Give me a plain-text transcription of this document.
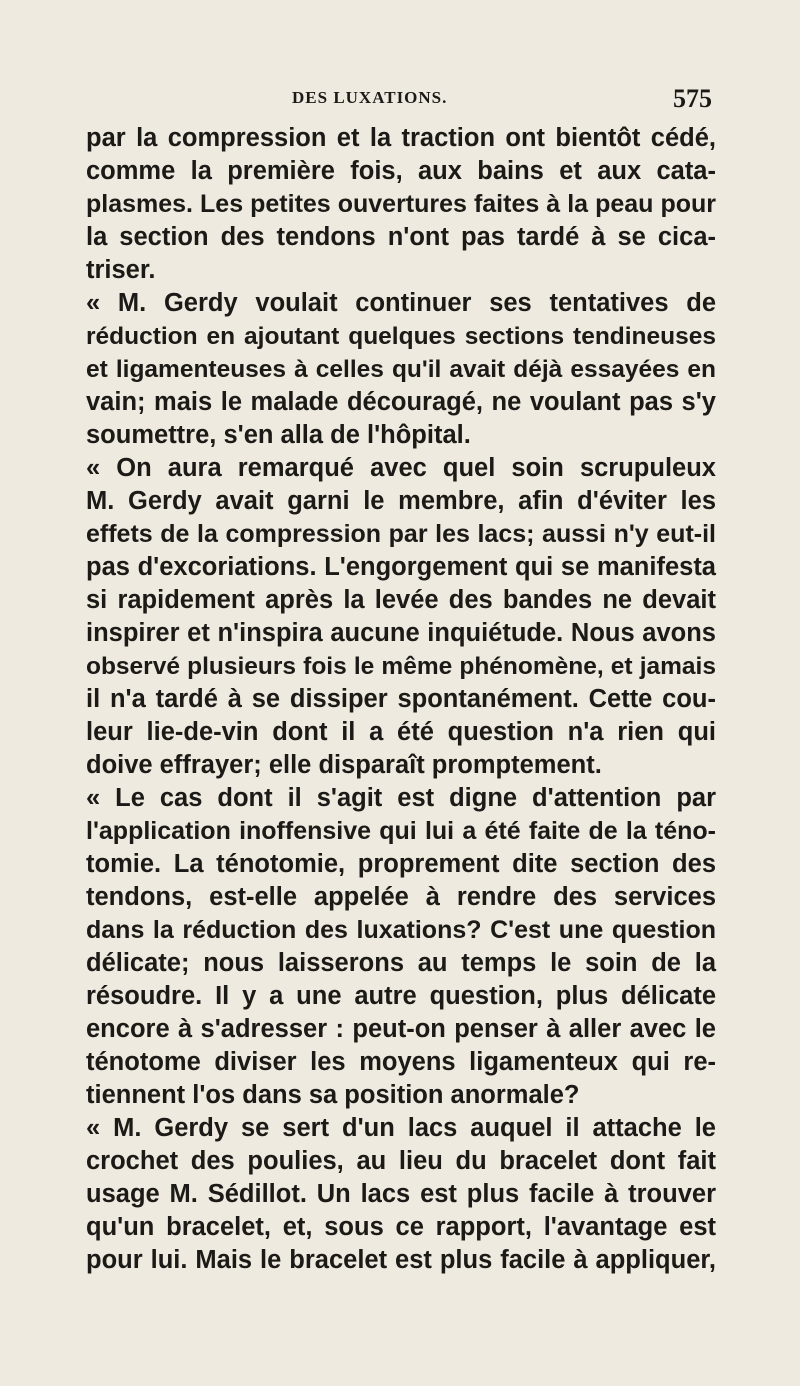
DES LUXATIONS.	575
par la compression et la traction ont bientôt cédé,
comme la première fois, aux bains et aux cata-
plasmes. Les petites ouvertures faites à la peau pour
la section des tendons n'ont pas tardé à se cica-
triser.
« M. Gerdy voulait continuer ses tentatives de
réduction en ajoutant quelques sections tendineuses
et ligamenteuses à celles qu'il avait déjà essayées en
vain; mais le malade découragé, ne voulant pas s'y
soumettre, s'en alla de l'hôpital.
« On aura remarqué avec quel soin scrupuleux
M. Gerdy avait garni le membre, afin d'éviter les
effets de la compression par les lacs; aussi n'y eut-il
pas d'excoriations. L'engorgement qui se manifesta
si rapidement après la levée des bandes ne devait
inspirer et n'inspira aucune inquiétude. Nous avons
observé plusieurs fois le même phénomène, et jamais
il n'a tardé à se dissiper spontanément. Cette cou-
leur lie-de-vin dont il a été question n'a rien qui
doive effrayer; elle disparaît promptement.
« Le cas dont il s'agit est digne d'attention par
l'application inoffensive qui lui a été faite de la téno-
tomie. La ténotomie, proprement dite section des
tendons, est-elle appelée à rendre des services
dans la réduction des luxations? C'est une question
délicate; nous laisserons au temps le soin de la
résoudre. Il y a une autre question, plus délicate
encore à s'adresser : peut-on penser à aller avec le
ténotome diviser les moyens ligamenteux qui re-
tiennent l'os dans sa position anormale?
« M. Gerdy se sert d'un lacs auquel il attache le
crochet des poulies, au lieu du bracelet dont fait
usage M. Sédillot. Un lacs est plus facile à trouver
qu'un bracelet, et, sous ce rapport, l'avantage est
pour lui. Mais le bracelet est plus facile à appliquer,
